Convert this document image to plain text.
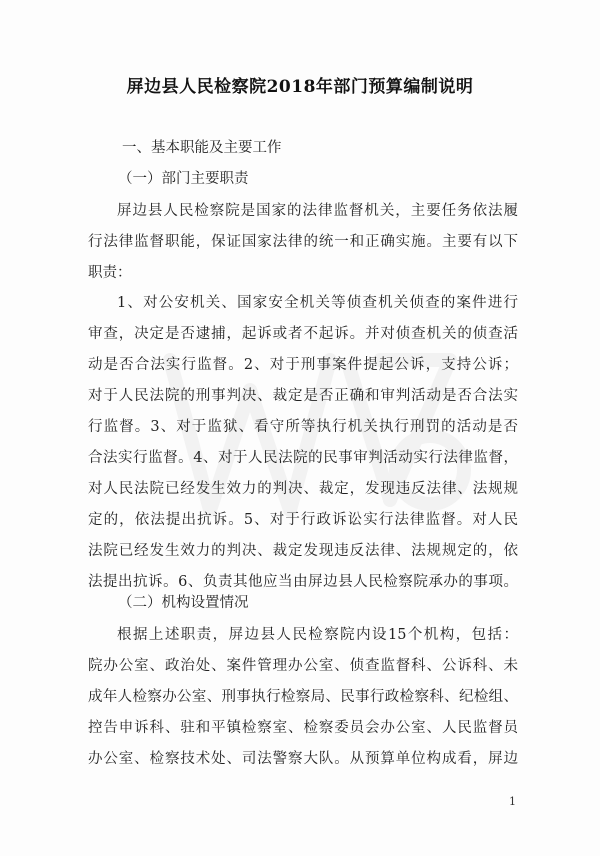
屏边县人民检察院2018年部门预算编制说明
一、基本职能及主要工作
（一）部门主要职责
屏边县人民检察院是国家的法律监督机关，主要任务依法履
行法律监督职能，保证国家法律的统一和正确实施。主要有以下
职责：
1、对公安机关、国家安全机关等侦查机关侦查的案件进行
审查，决定是否逮捕，起诉或者不起诉。并对侦查机关的侦查活
动是否合法实行监督。2、对于刑事案件提起公诉，支持公诉；
对于人民法院的刑事判决、裁定是否正确和审判活动是否合法实
行监督。3、对于监狱、看守所等执行机关执行刑罚的活动是否
合法实行监督。4、对于人民法院的民事审判活动实行法律监督，
对人民法院已经发生效力的判决、裁定，发现违反法律、法规规
定的，依法提出抗诉。5、对于行政诉讼实行法律监督。对人民
法院已经发生效力的判决、裁定发现违反法律、法规规定的，依
法提出抗诉。6、负责其他应当由屏边县人民检察院承办的事项。
（二）机构设置情况
根据上述职责，屏边县人民检察院内设15个机构，包括：
院办公室、政治处、案件管理办公室、侦查监督科、公诉科、未
成年人检察办公室、刑事执行检察局、民事行政检察科、纪检组、
控告申诉科、驻和平镇检察室、检察委员会办公室、人民监督员
办公室、检察技术处、司法警察大队。从预算单位构成看，屏边
1
